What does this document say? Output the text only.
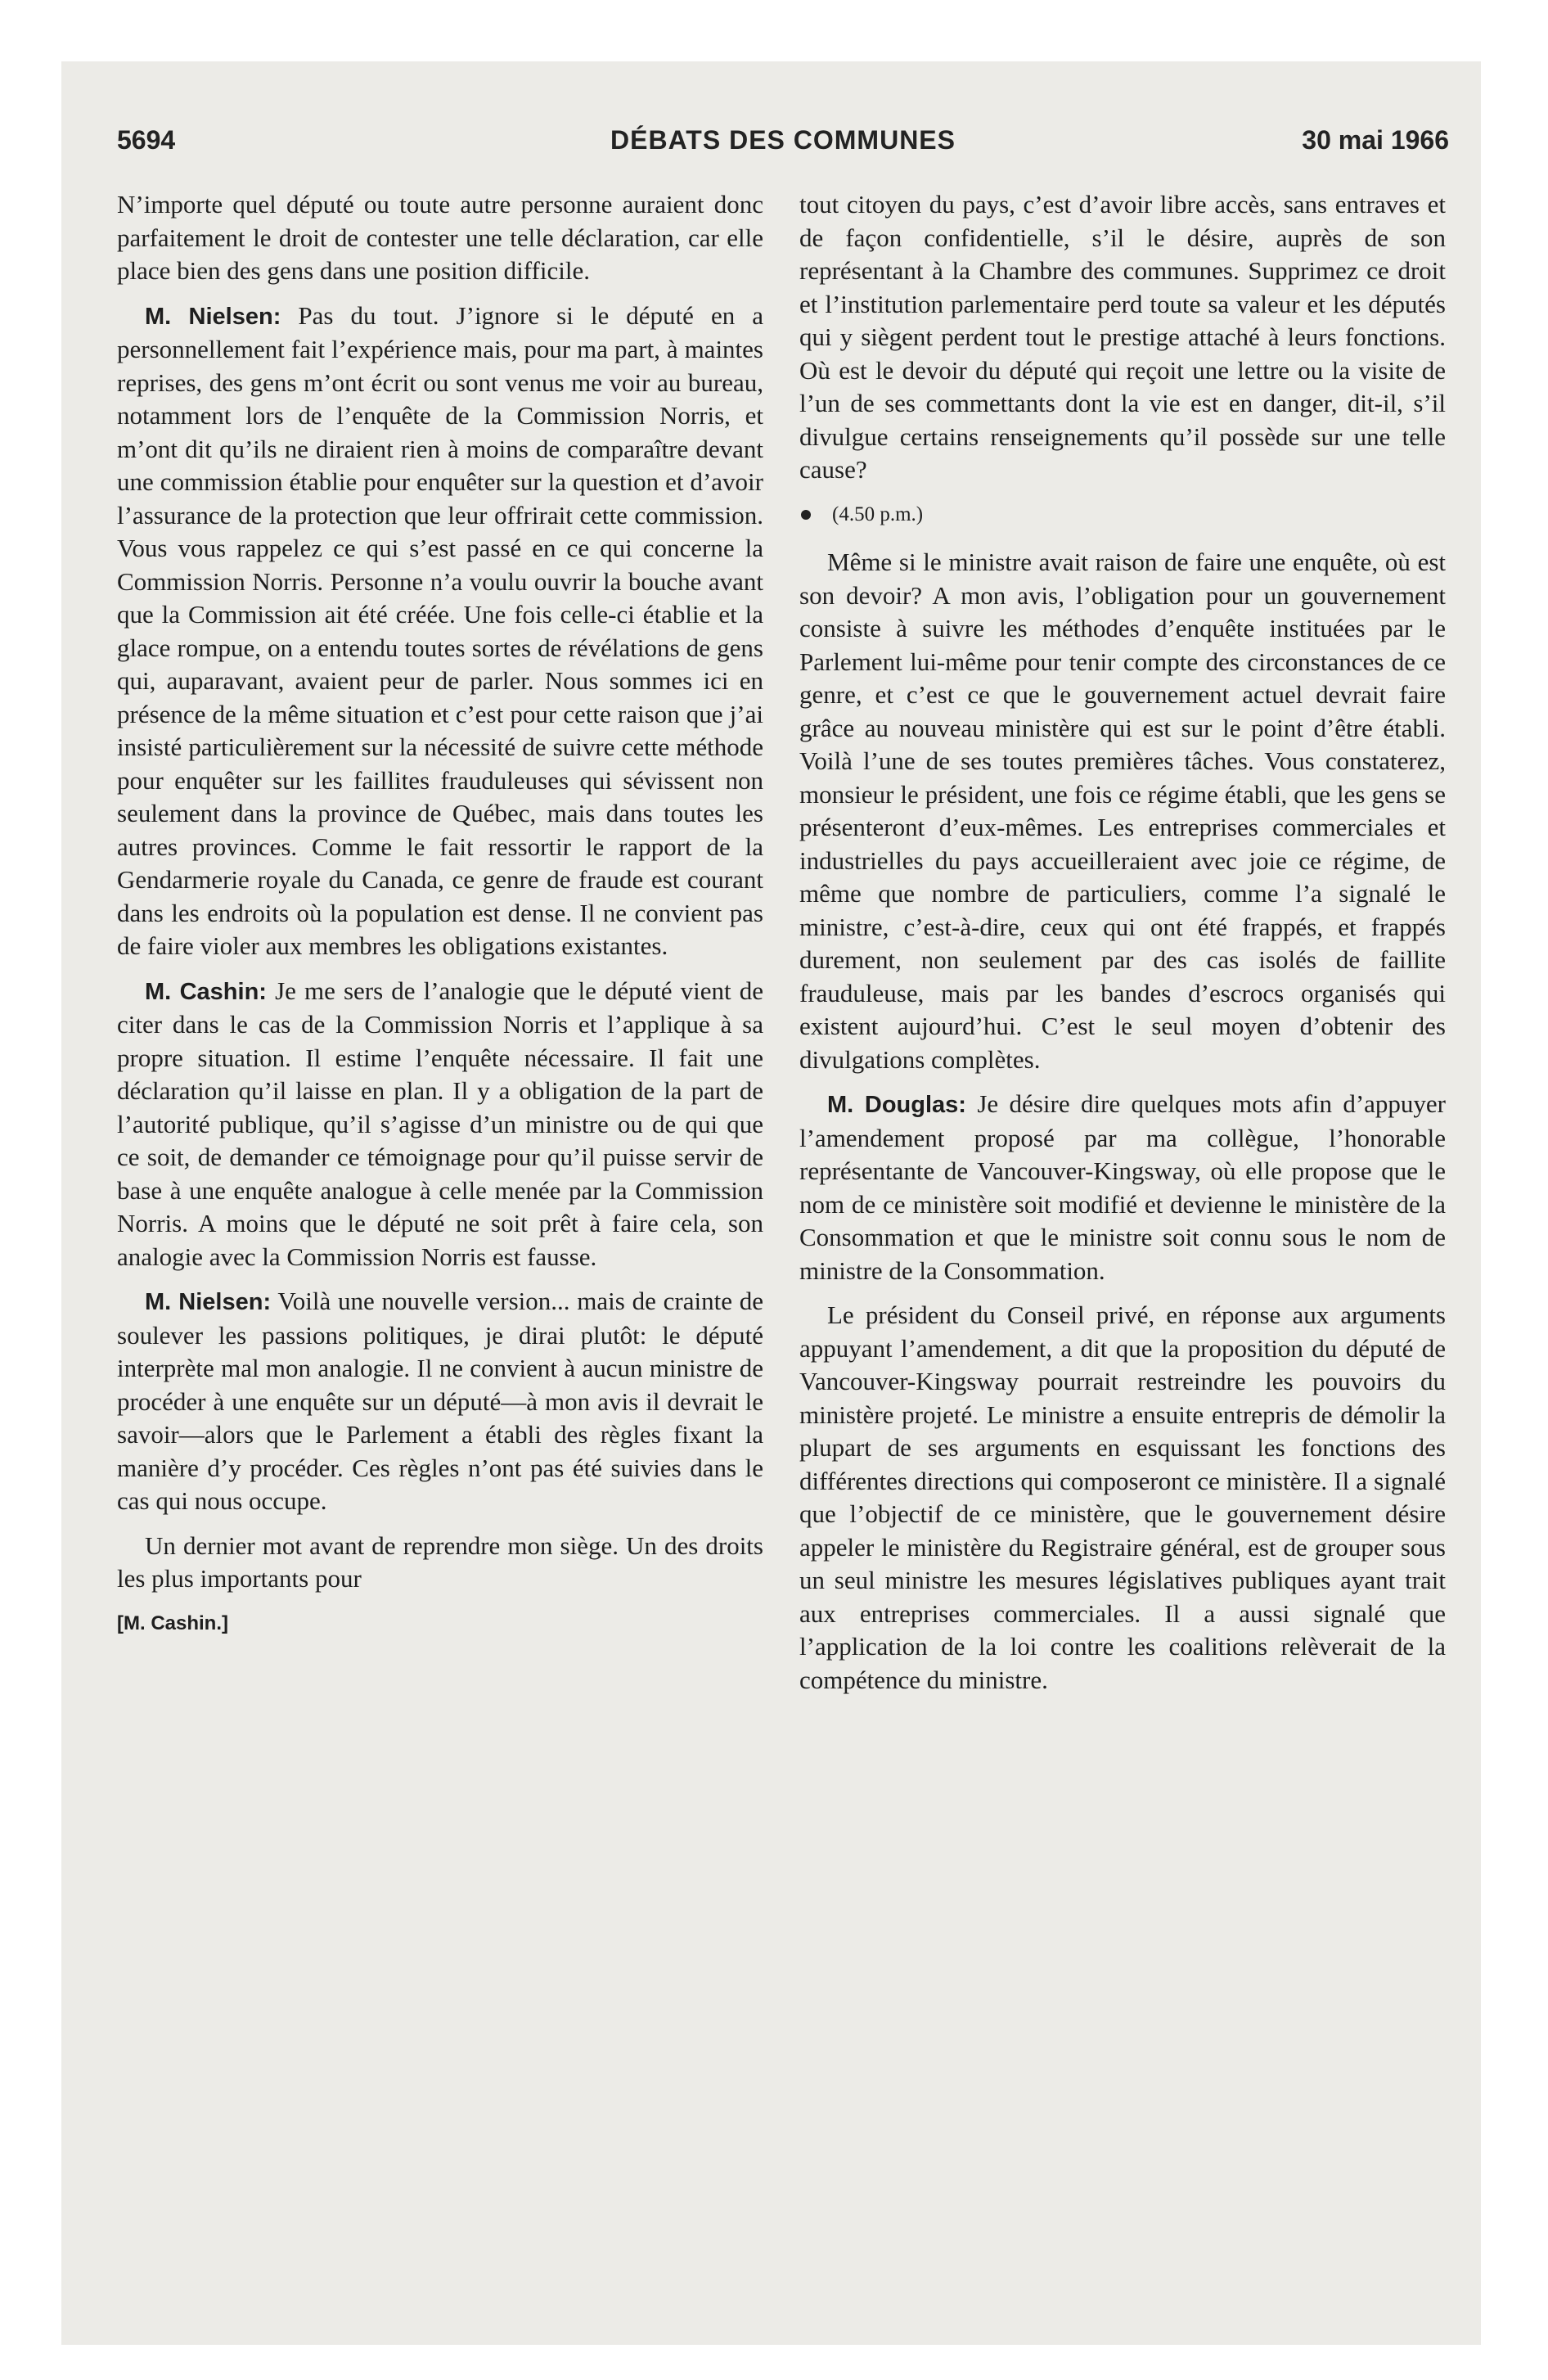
5694	DÉBATS DES COMMUNES	30 mai 1966

N’importe quel député ou toute autre personne auraient donc parfaitement le droit de contester une telle déclaration, car elle place bien des gens dans une position difficile.

M. Nielsen: Pas du tout. J’ignore si le député en a personnellement fait l’expérience mais, pour ma part, à maintes reprises, des gens m’ont écrit ou sont venus me voir au bureau, notamment lors de l’enquête de la Commission Norris, et m’ont dit qu’ils ne diraient rien à moins de comparaître devant une commission établie pour enquêter sur la question et d’avoir l’assurance de la protection que leur offrirait cette commission. Vous vous rappelez ce qui s’est passé en ce qui concerne la Commission Norris. Personne n’a voulu ouvrir la bouche avant que la Commission ait été créée. Une fois celle-ci établie et la glace rompue, on a entendu toutes sortes de révélations de gens qui, auparavant, avaient peur de parler. Nous sommes ici en présence de la même situation et c’est pour cette raison que j’ai insisté particulièrement sur la nécessité de suivre cette méthode pour enquêter sur les faillites frauduleuses qui sévissent non seulement dans la province de Québec, mais dans toutes les autres provinces. Comme le fait ressortir le rapport de la Gendarmerie royale du Canada, ce genre de fraude est courant dans les endroits où la population est dense. Il ne convient pas de faire violer aux membres les obligations existantes.

M. Cashin: Je me sers de l’analogie que le député vient de citer dans le cas de la Commission Norris et l’applique à sa propre situation. Il estime l’enquête nécessaire. Il fait une déclaration qu’il laisse en plan. Il y a obligation de la part de l’autorité publique, qu’il s’agisse d’un ministre ou de qui que ce soit, de demander ce témoignage pour qu’il puisse servir de base à une enquête analogue à celle menée par la Commission Norris. A moins que le député ne soit prêt à faire cela, son analogie avec la Commission Norris est fausse.

M. Nielsen: Voilà une nouvelle version... mais de crainte de soulever les passions politiques, je dirai plutôt: le député interprète mal mon analogie. Il ne convient à aucun ministre de procéder à une enquête sur un député—à mon avis il devrait le savoir—alors que le Parlement a établi des règles fixant la manière d’y procéder. Ces règles n’ont pas été suivies dans le cas qui nous occupe.

Un dernier mot avant de reprendre mon siège. Un des droits les plus importants pour

[M. Cashin.]

tout citoyen du pays, c’est d’avoir libre accès, sans entraves et de façon confidentielle, s’il le désire, auprès de son représentant à la Chambre des communes. Supprimez ce droit et l’institution parlementaire perd toute sa valeur et les députés qui y siègent perdent tout le prestige attaché à leurs fonctions. Où est le devoir du député qui reçoit une lettre ou la visite de l’un de ses commettants dont la vie est en danger, dit-il, s’il divulgue certains renseignements qu’il possède sur une telle cause?

(4.50 p.m.)

Même si le ministre avait raison de faire une enquête, où est son devoir? A mon avis, l’obligation pour un gouvernement consiste à suivre les méthodes d’enquête instituées par le Parlement lui-même pour tenir compte des circonstances de ce genre, et c’est ce que le gouvernement actuel devrait faire grâce au nouveau ministère qui est sur le point d’être établi. Voilà l’une de ses toutes premières tâches. Vous constaterez, monsieur le président, une fois ce régime établi, que les gens se présenteront d’eux-mêmes. Les entreprises commerciales et industrielles du pays accueilleraient avec joie ce régime, de même que nombre de particuliers, comme l’a signalé le ministre, c’est-à-dire, ceux qui ont été frappés, et frappés durement, non seulement par des cas isolés de faillite frauduleuse, mais par les bandes d’escrocs organisés qui existent aujourd’hui. C’est le seul moyen d’obtenir des divulgations complètes.

M. Douglas: Je désire dire quelques mots afin d’appuyer l’amendement proposé par ma collègue, l’honorable représentante de Vancouver-Kingsway, où elle propose que le nom de ce ministère soit modifié et devienne le ministère de la Consommation et que le ministre soit connu sous le nom de ministre de la Consommation.

Le président du Conseil privé, en réponse aux arguments appuyant l’amendement, a dit que la proposition du député de Vancouver-Kingsway pourrait restreindre les pouvoirs du ministère projeté. Le ministre a ensuite entrepris de démolir la plupart de ses arguments en esquissant les fonctions des différentes directions qui composeront ce ministère. Il a signalé que l’objectif de ce ministère, que le gouvernement désire appeler le ministère du Registraire général, est de grouper sous un seul ministre les mesures législatives publiques ayant trait aux entreprises commerciales. Il a aussi signalé que l’application de la loi contre les coalitions relèverait de la compétence du ministre.
